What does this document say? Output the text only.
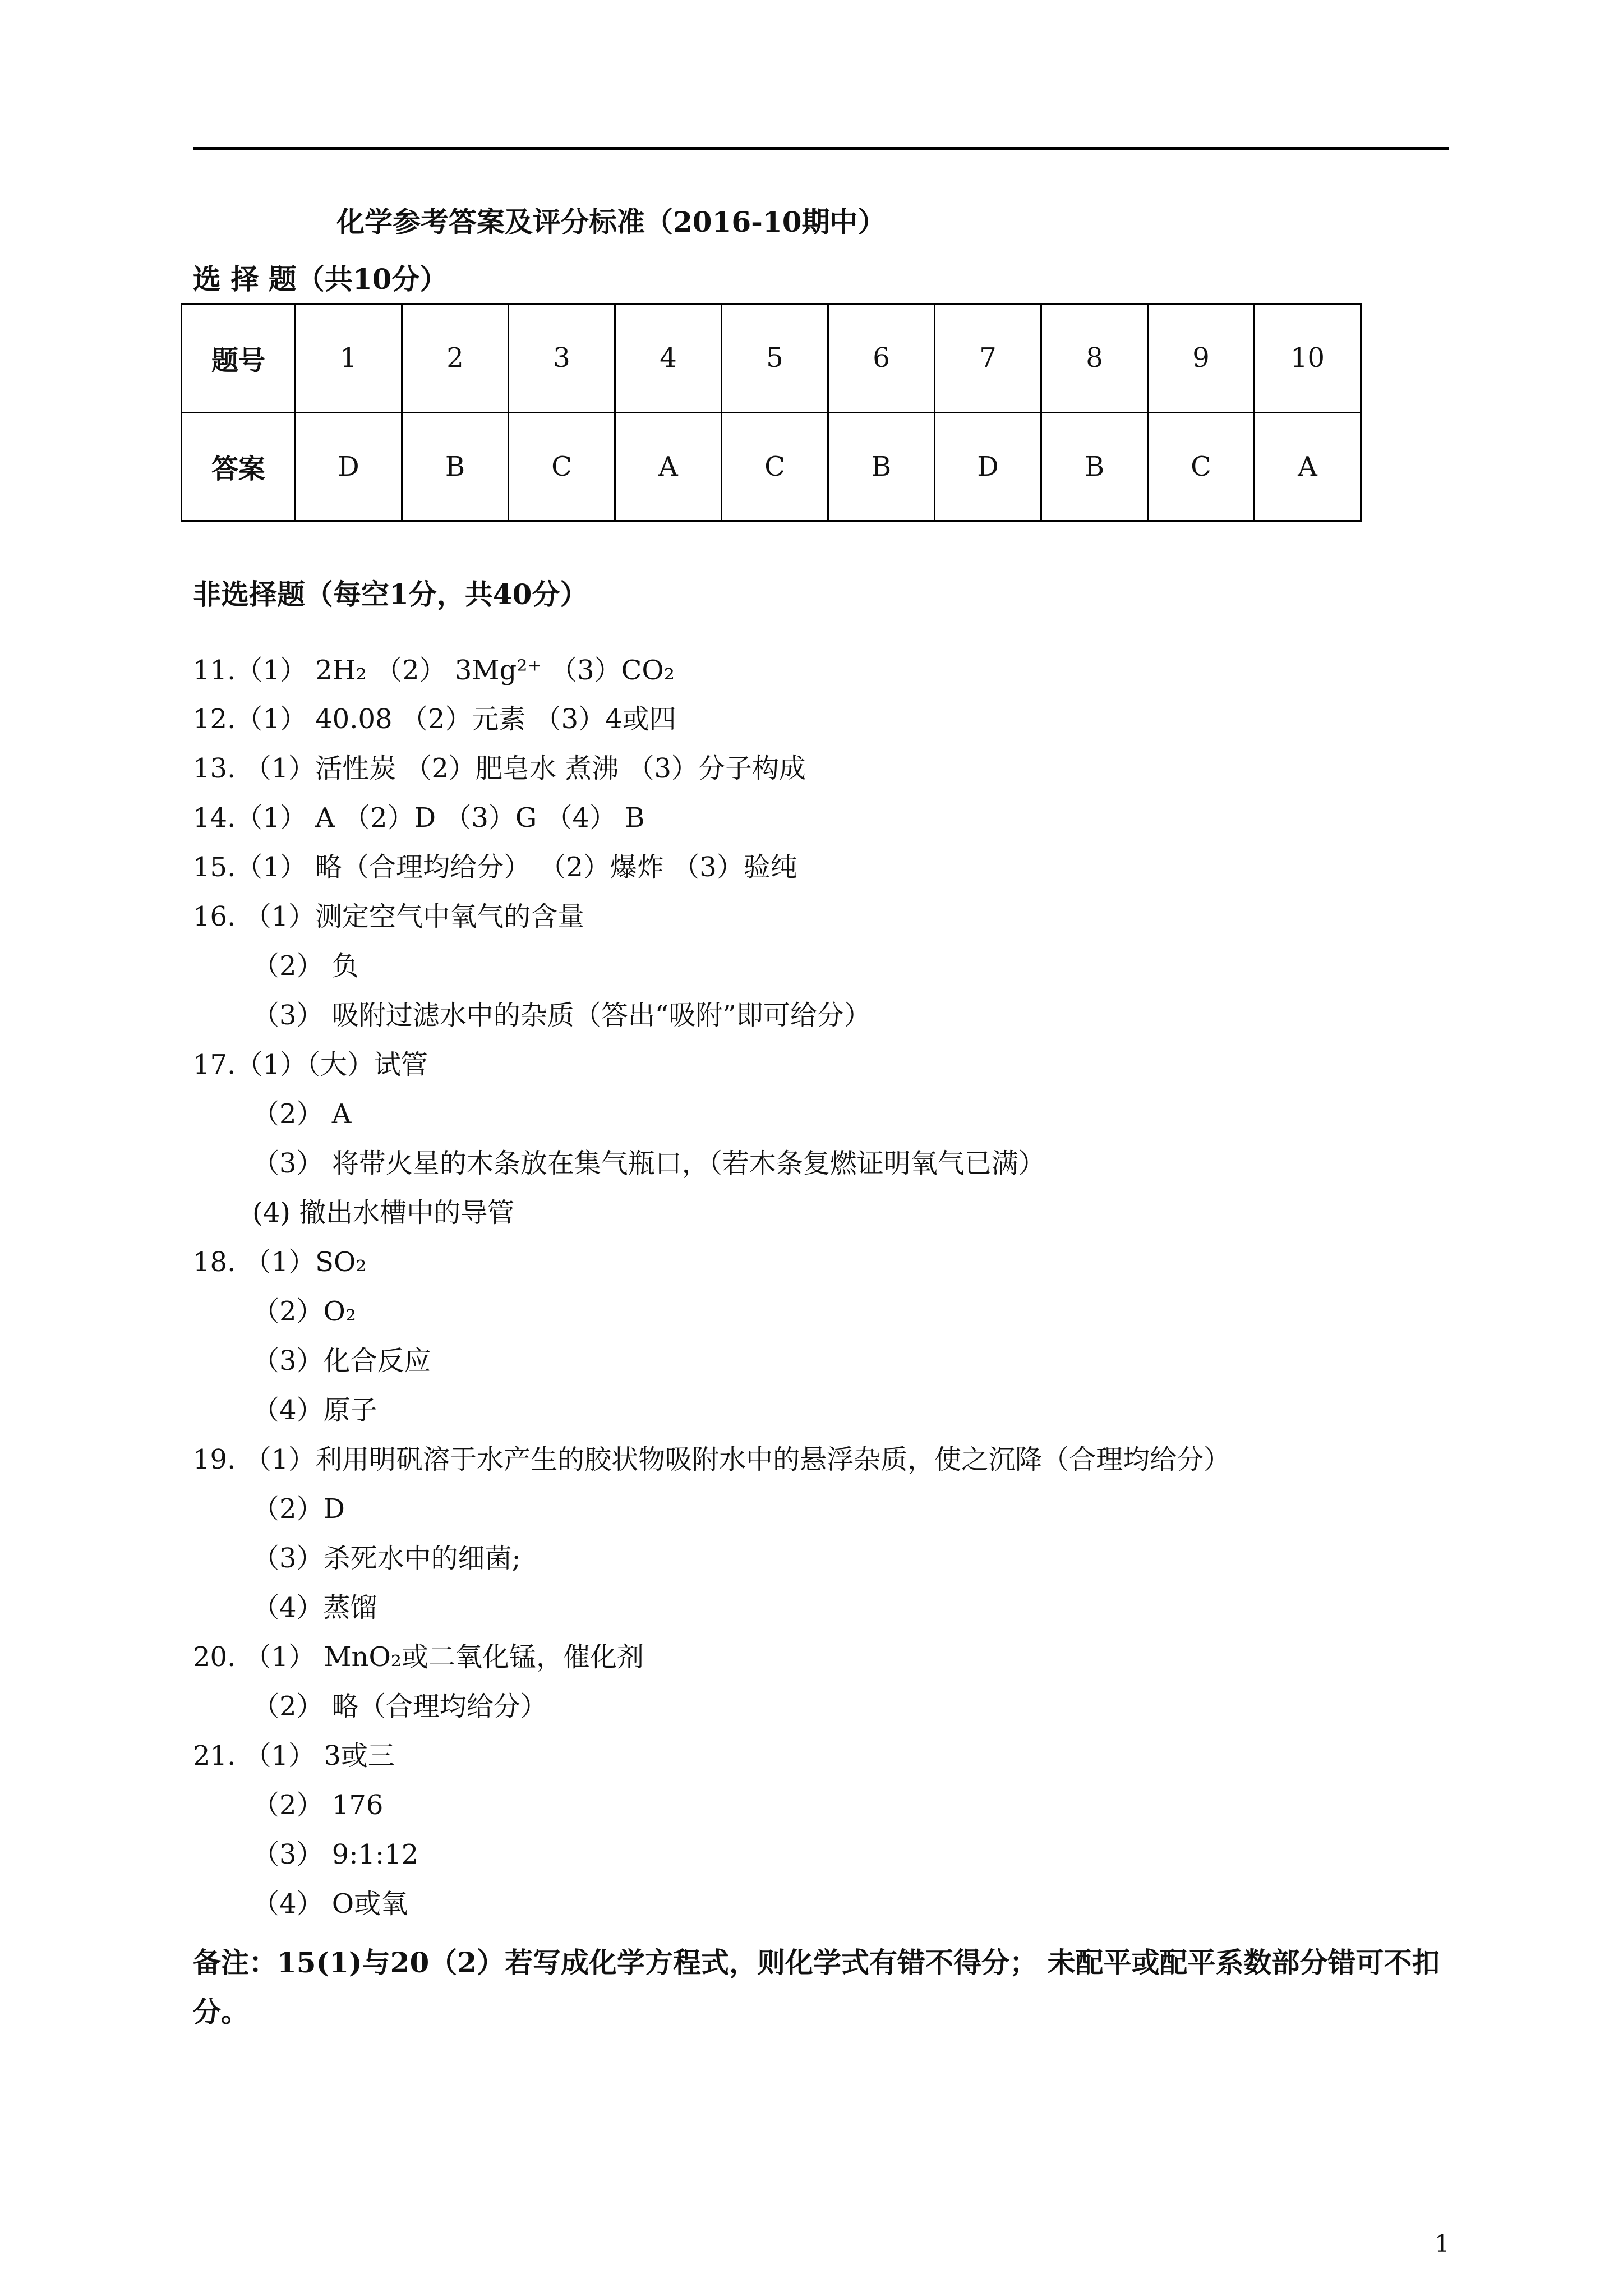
化学参考答案及评分标准（2016-10期中）
选 择 题（共10分）
题号	1	2	3	4	5	6	7	8	9	10
答案	D	B	C	A	C	B	D	B	C	A
非选择题（每空1分，共40分）
11.（1） 2H₂ （2） 3Mg²⁺ （3）CO₂
12.（1） 40.08 （2）元素 （3）4或四
13. （1）活性炭 （2）肥皂水 煮沸 （3）分子构成
14.（1） A （2）D （3）G （4） B
15.（1） 略（合理均给分） （2）爆炸 （3）验纯
16. （1）测定空气中氧气的含量
（2） 负
（3） 吸附过滤水中的杂质（答出“吸附”即可给分）
17.（1）（大）试管
（2） A
（3） 将带火星的木条放在集气瓶口，（若木条复燃证明氧气已满）
(4) 撤出水槽中的导管
18. （1）SO₂
（2）O₂
（3）化合反应
（4）原子
19. （1）利用明矾溶于水产生的胶状物吸附水中的悬浮杂质，使之沉降（合理均给分）
（2）D
（3）杀死水中的细菌;
（4）蒸馏
20. （1） MnO₂或二氧化锰，催化剂
（2） 略（合理均给分）
21. （1） 3或三
（2） 176
（3） 9:1:12
（4） O或氧
备注：15(1)与20（2）若写成化学方程式，则化学式有错不得分； 未配平或配平系数部分错可不扣分。
1
